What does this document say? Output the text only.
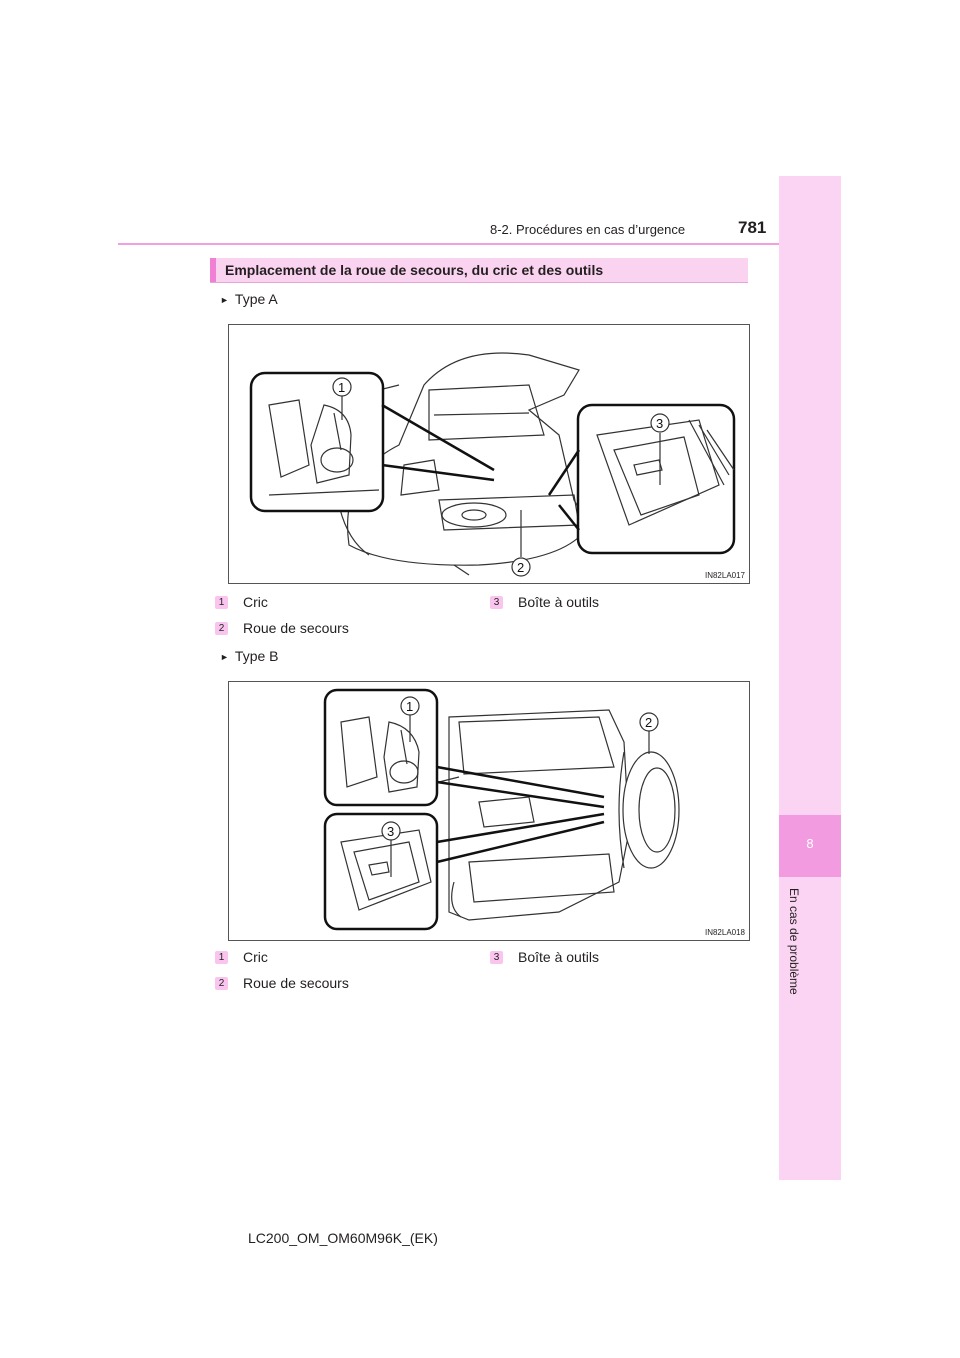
8-2. Procédures en cas d’urgence	781
8
En cas de problème
Emplacement de la roue de secours, du cric et des outils
► Type A
1
3
2
IN82LA017
1 Cric
2 Roue de secours
3 Boîte à outils
► Type B
1
2
3
IN82LA018
1 Cric
2 Roue de secours
3 Boîte à outils
LC200_OM_OM60M96K_(EK)
